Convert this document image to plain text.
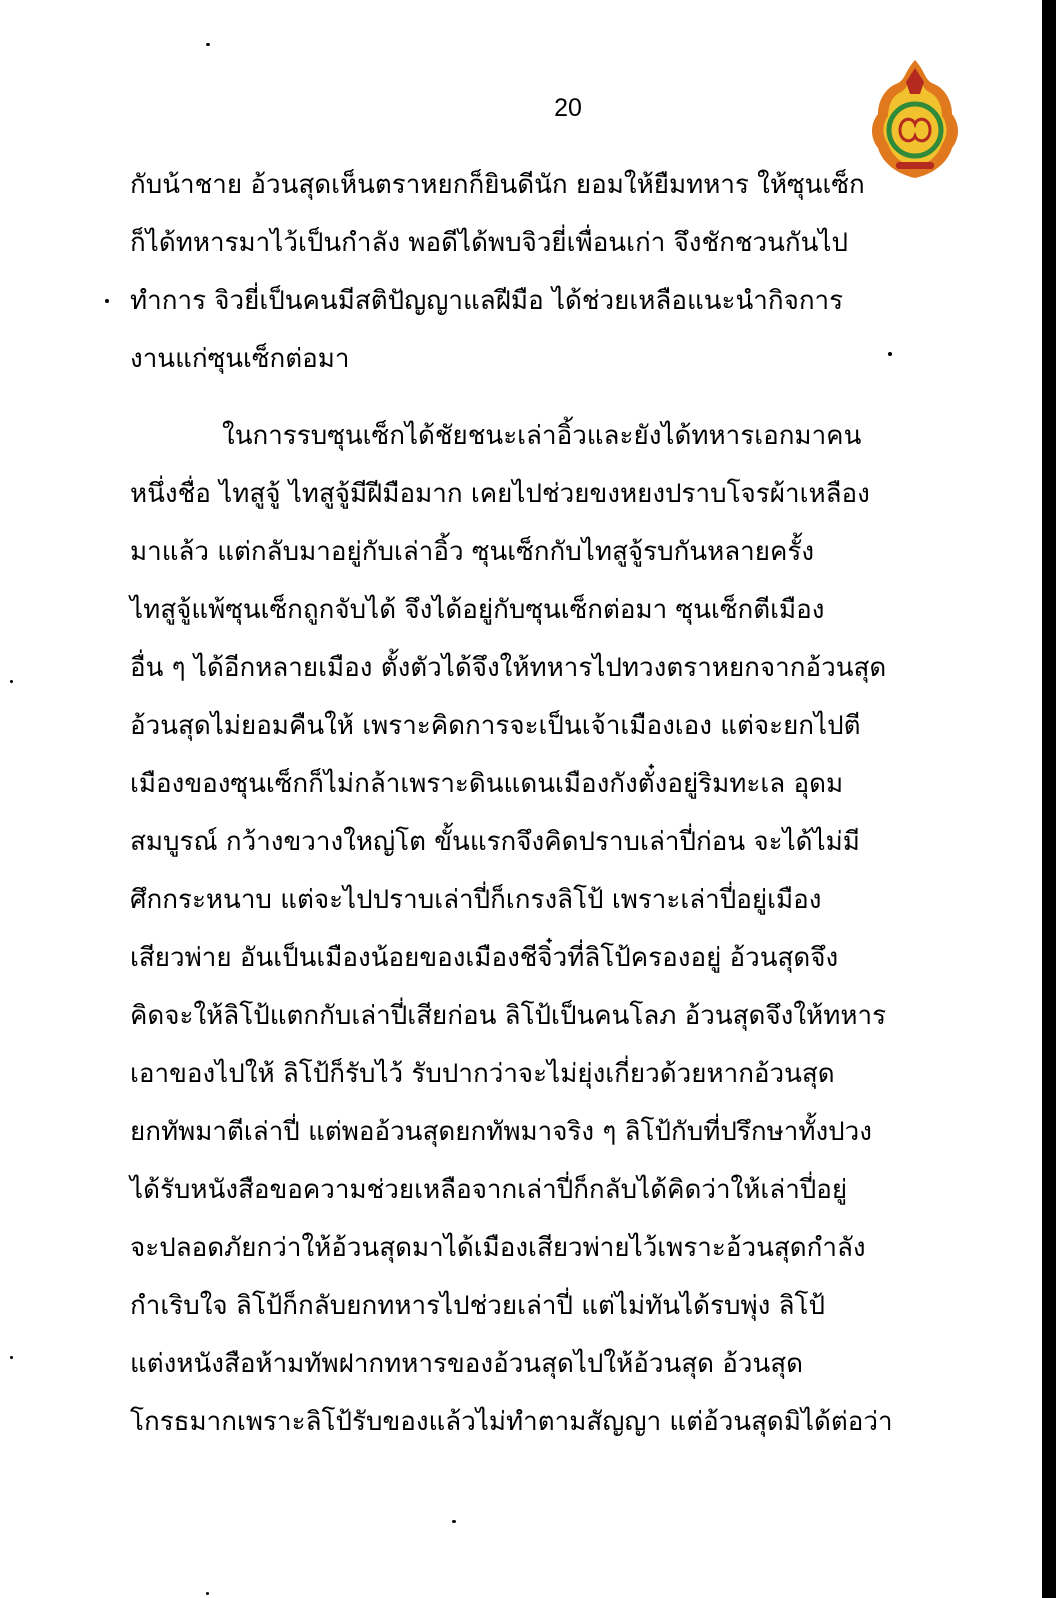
20

กับน้าชาย อ้วนสุดเห็นตราหยกก็ยินดีนัก ยอมให้ยืมทหาร ให้ซุนเซ็ก
ก็ได้ทหารมาไว้เป็นกำลัง พอดีได้พบจิวยี่เพื่อนเก่า จึงชักชวนกันไป
ทำการ จิวยี่เป็นคนมีสติปัญญาแลฝีมือ ได้ช่วยเหลือแนะนำกิจการ
งานแก่ซุนเซ็กต่อมา

ในการรบซุนเซ็กได้ชัยชนะเล่าอิ้วและยังได้ทหารเอกมาคน
หนึ่งชื่อ ไทสูจู้ ไทสูจู้มีฝีมือมาก เคยไปช่วยขงหยงปราบโจรผ้าเหลือง
มาแล้ว แต่กลับมาอยู่กับเล่าอิ้ว ซุนเซ็กกับไทสูจู้รบกันหลายครั้ง
ไทสูจู้แพ้ซุนเซ็กถูกจับได้ จึงได้อยู่กับซุนเซ็กต่อมา ซุนเซ็กตีเมือง
อื่น ๆ ได้อีกหลายเมือง ตั้งตัวได้จึงให้ทหารไปทวงตราหยกจากอ้วนสุด
อ้วนสุดไม่ยอมคืนให้ เพราะคิดการจะเป็นเจ้าเมืองเอง แต่จะยกไปตี
เมืองของซุนเซ็กก็ไม่กล้าเพราะดินแดนเมืองกังตั๋งอยู่ริมทะเล อุดม
สมบูรณ์ กว้างขวางใหญ่โต ขั้นแรกจึงคิดปราบเล่าปี่ก่อน จะได้ไม่มี
ศึกกระหนาบ แต่จะไปปราบเล่าปี่ก็เกรงลิโป้ เพราะเล่าปี่อยู่เมือง
เสียวพ่าย อันเป็นเมืองน้อยของเมืองชีจิ๋วที่ลิโป้ครองอยู่ อ้วนสุดจึง
คิดจะให้ลิโป้แตกกับเล่าปี่เสียก่อน ลิโป้เป็นคนโลภ อ้วนสุดจึงให้ทหาร
เอาของไปให้ ลิโป้ก็รับไว้ รับปากว่าจะไม่ยุ่งเกี่ยวด้วยหากอ้วนสุด
ยกทัพมาตีเล่าปี่ แต่พออ้วนสุดยกทัพมาจริง ๆ ลิโป้กับที่ปรึกษาทั้งปวง
ได้รับหนังสือขอความช่วยเหลือจากเล่าปี่ก็กลับได้คิดว่าให้เล่าปี่อยู่
จะปลอดภัยกว่าให้อ้วนสุดมาได้เมืองเสียวพ่ายไว้เพราะอ้วนสุดกำลัง
กำเริบใจ ลิโป้ก็กลับยกทหารไปช่วยเล่าปี่ แต่ไม่ทันได้รบพุ่ง ลิโป้
แต่งหนังสือห้ามทัพฝากทหารของอ้วนสุดไปให้อ้วนสุด อ้วนสุด
โกรธมากเพราะลิโป้รับของแล้วไม่ทำตามสัญญา แต่อ้วนสุดมิได้ต่อว่า
